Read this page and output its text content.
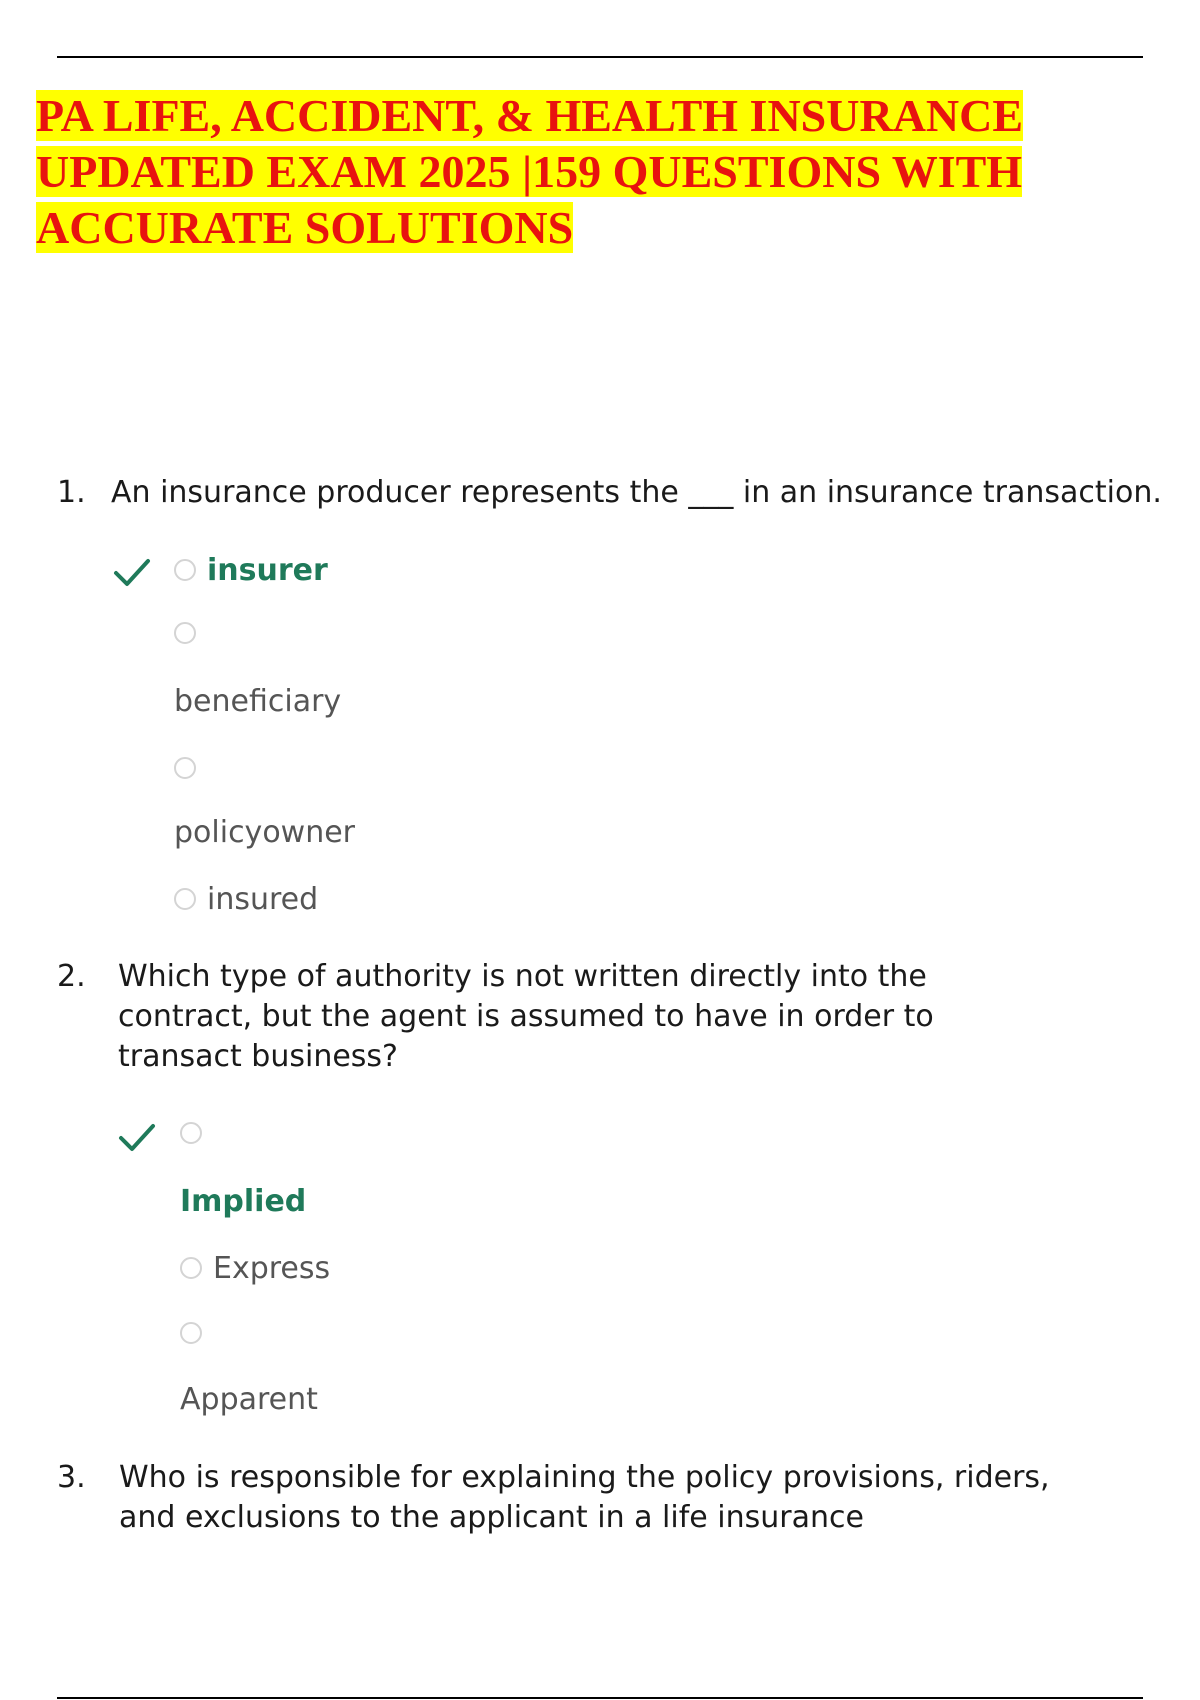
PA LIFE, ACCIDENT, & HEALTH INSURANCE UPDATED EXAM 2025 |159 QUESTIONS WITH ACCURATE SOLUTIONS
1. An insurance producer represents the ___ in an insurance transaction.
insurer
beneficiary
policyowner
insured
2. Which type of authority is not written directly into the contract, but the agent is assumed to have in order to transact business?
Implied
Express
Apparent
3. Who is responsible for explaining the policy provisions, riders, and exclusions to the applicant in a life insurance
